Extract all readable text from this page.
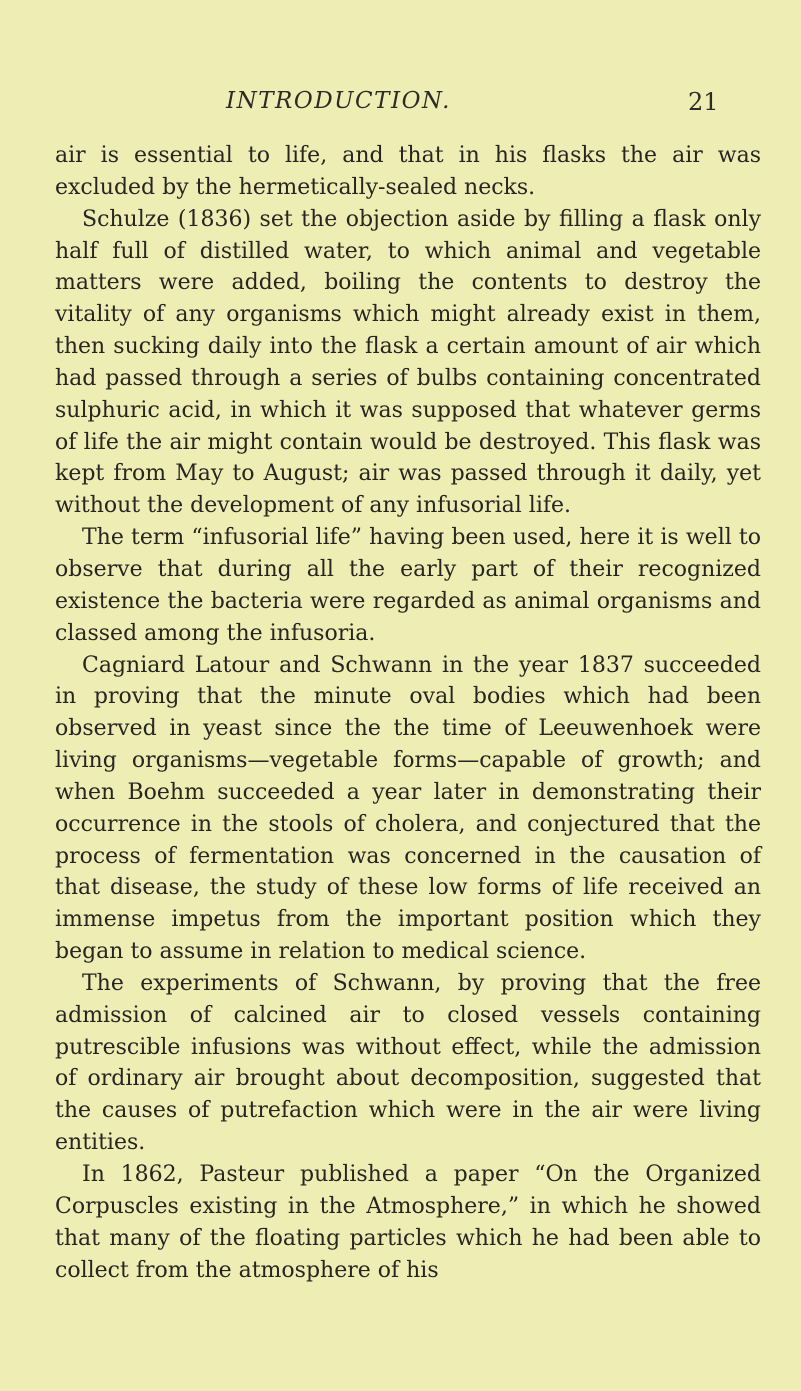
INTRODUCTION.	21

air is essential to life, and that in his flasks the air was excluded by the hermetically-sealed necks.

Schulze (1836) set the objection aside by filling a flask only half full of distilled water, to which animal and vegetable matters were added, boiling the contents to destroy the vitality of any organisms which might already exist in them, then sucking daily into the flask a certain amount of air which had passed through a series of bulbs containing concentrated sulphuric acid, in which it was supposed that whatever germs of life the air might contain would be destroyed. This flask was kept from May to August; air was passed through it daily, yet without the development of any infusorial life.

The term “infusorial life” having been used, here it is well to observe that during all the early part of their recognized existence the bacteria were regarded as animal organisms and classed among the infusoria.

Cagniard Latour and Schwann in the year 1837 succeeded in proving that the minute oval bodies which had been observed in yeast since the the time of Leeuwenhoek were living organisms—vegetable forms—capable of growth; and when Boehm succeeded a year later in demonstrating their occurrence in the stools of cholera, and conjectured that the process of fermentation was concerned in the causation of that disease, the study of these low forms of life received an immense impetus from the important position which they began to assume in relation to medical science.

The experiments of Schwann, by proving that the free admission of calcined air to closed vessels containing putrescible infusions was without effect, while the admission of ordinary air brought about decomposition, suggested that the causes of putrefaction which were in the air were living entities.

In 1862, Pasteur published a paper “On the Organized Corpuscles existing in the Atmosphere,” in which he showed that many of the floating particles which he had been able to collect from the atmosphere of his
